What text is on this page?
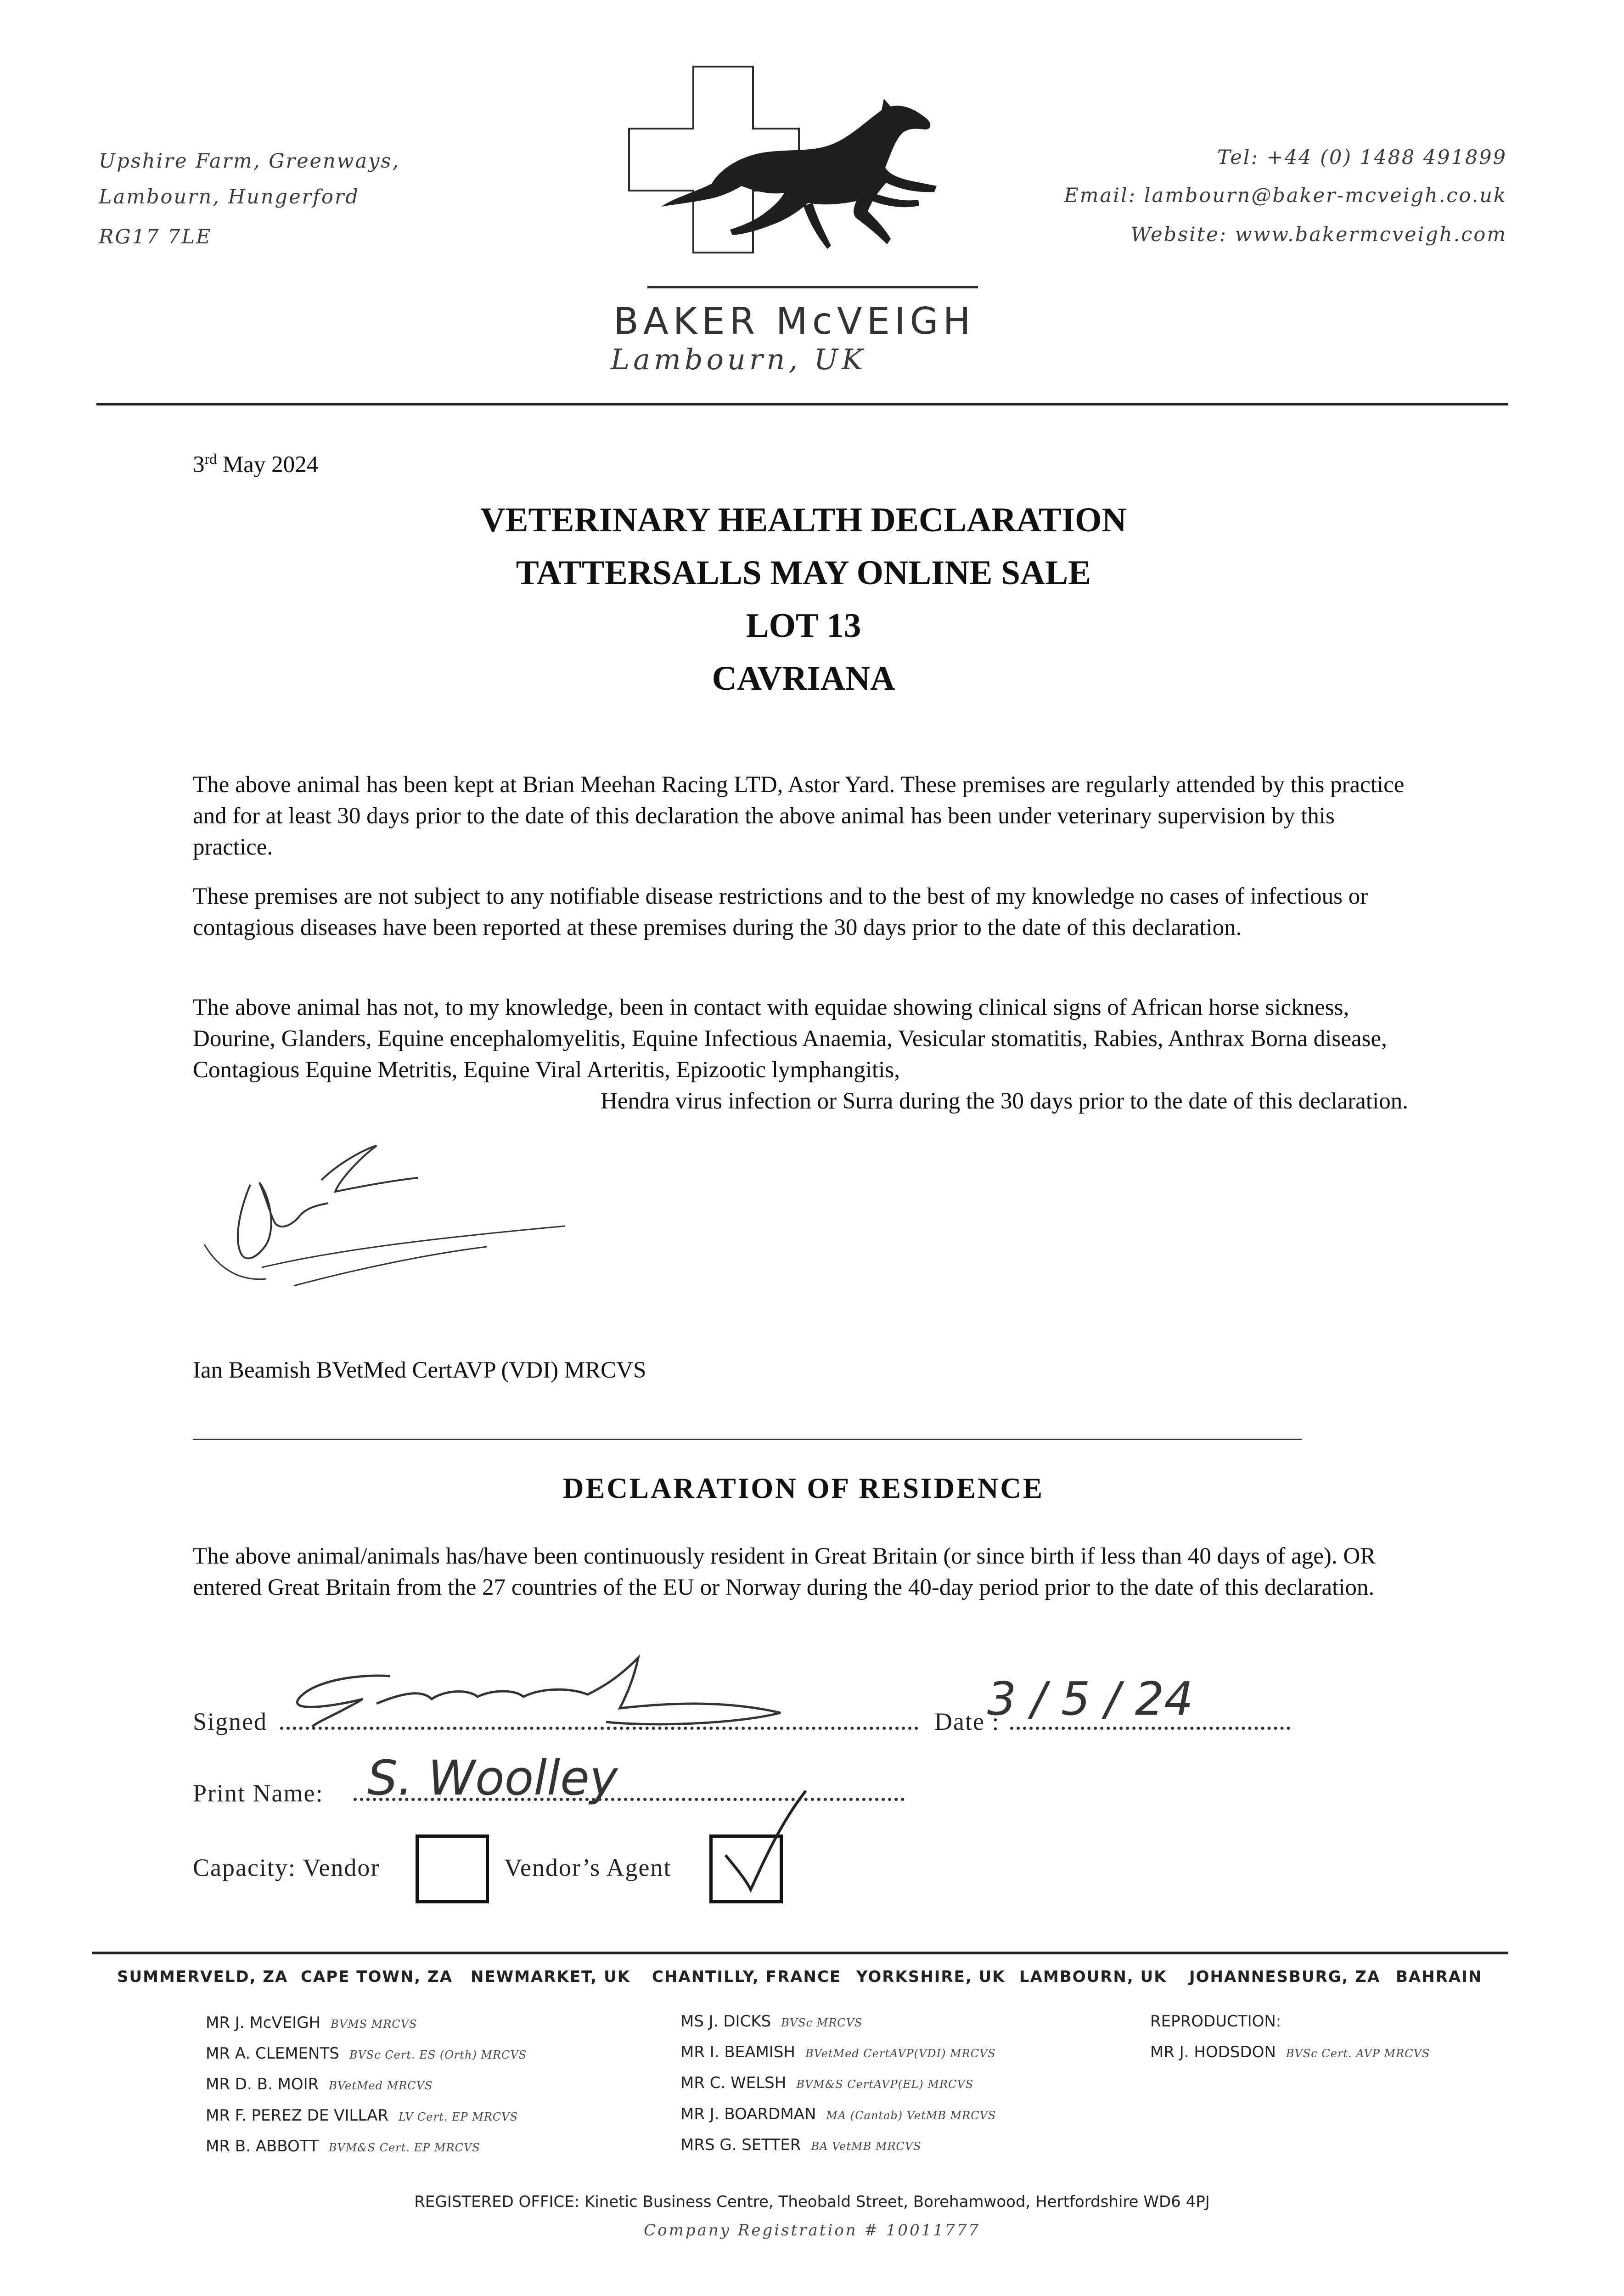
Upshire Farm, Greenways,
Lambourn, Hungerford
RG17 7LE
Tel: +44 (0) 1488 491899
Email: lambourn@baker-mcveigh.co.uk
Website: www.bakermcveigh.com
BAKER McVEIGH
Lambourn, UK
3rd May 2024
VETERINARY HEALTH DECLARATION
TATTERSALLS MAY ONLINE SALE
LOT 13
CAVRIANA
The above animal has been kept at Brian Meehan Racing LTD, Astor Yard. These premises are regularly attended by this practice and for at least 30 days prior to the date of this declaration the above animal has been under veterinary supervision by this practice.
These premises are not subject to any notifiable disease restrictions and to the best of my knowledge no cases of infectious or contagious diseases have been reported at these premises during the 30 days prior to the date of this declaration.
The above animal has not, to my knowledge, been in contact with equidae showing clinical signs of African horse sickness, Dourine, Glanders, Equine encephalomyelitis, Equine Infectious Anaemia, Vesicular stomatitis, Rabies, Anthrax Borna disease, Contagious Equine Metritis, Equine Viral Arteritis, Epizootic lymphangitis,
Hendra virus infection or Surra during the 30 days prior to the date of this declaration.
Ian Beamish BVetMed CertAVP (VDI) MRCVS
DECLARATION OF RESIDENCE
The above animal/animals has/have been continuously resident in Great Britain (or since birth if less than 40 days of age). OR entered Great Britain from the 27 countries of the EU or Norway during the 40-day period prior to the date of this declaration.
Signed	Date :
3 / 5 / 24
Print Name: S. Woolley
Capacity: Vendor	Vendor’s Agent
SUMMERVELD, ZA CAPE TOWN, ZA NEWMARKET, UK CHANTILLY, FRANCE YORKSHIRE, UK LAMBOURN, UK JOHANNESBURG, ZA BAHRAIN
MR J. McVEIGH BVMS MRCVS
MR A. CLEMENTS BVSc Cert. ES (Orth) MRCVS
MR D. B. MOIR BVetMed MRCVS
MR F. PEREZ DE VILLAR LV Cert. EP MRCVS
MR B. ABBOTT BVM&S Cert. EP MRCVS
MS J. DICKS BVSc MRCVS
MR I. BEAMISH BVetMed CertAVP(VDI) MRCVS
MR C. WELSH BVM&S CertAVP(EL) MRCVS
MR J. BOARDMAN MA (Cantab) VetMB MRCVS
MRS G. SETTER BA VetMB MRCVS
REPRODUCTION:
MR J. HODSDON BVSc Cert. AVP MRCVS
REGISTERED OFFICE: Kinetic Business Centre, Theobald Street, Borehamwood, Hertfordshire WD6 4PJ
Company Registration # 10011777
